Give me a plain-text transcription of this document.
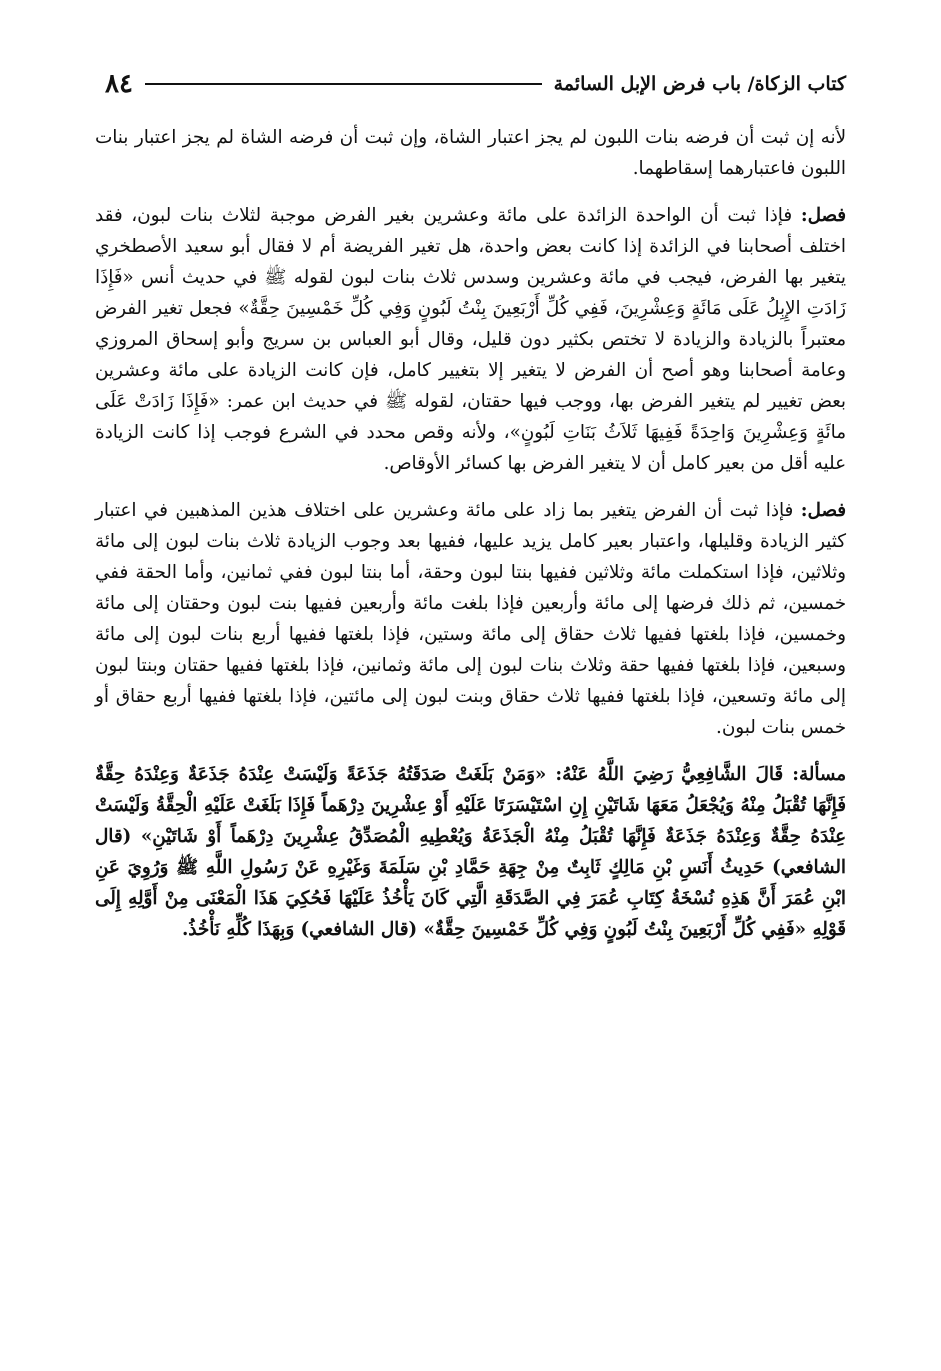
كتاب الزكاة/ باب فرض الإبل السائمة
٨٤

لأنه إن ثبت أن فرضه بنات اللبون لم يجز اعتبار الشاة، وإن ثبت أن فرضه الشاة لم يجز اعتبار بنات اللبون فاعتبارهما إسقاطهما.

فصل: فإذا ثبت أن الواحدة الزائدة على مائة وعشرين بغير الفرض موجبة لثلاث بنات لبون، فقد اختلف أصحابنا في الزائدة إذا كانت بعض واحدة، هل تغير الفريضة أم لا فقال أبو سعيد الأصطخري يتغير بها الفرض، فيجب في مائة وعشرين وسدس ثلاث بنات لبون لقوله ﷺ في حديث أنس «فَإِذَا زَادَتِ الإِبِلُ عَلَى مَائَةٍ وَعِشْرِينَ، فَفِي كُلِّ أَرْبَعِينَ بِنْتُ لَبُونٍ وَفِي كُلِّ خَمْسِينَ حِقَّةٌ» فجعل تغير الفرض معتبراً بالزيادة والزيادة لا تختص بكثير دون قليل، وقال أبو العباس بن سريج وأبو إسحاق المروزي وعامة أصحابنا وهو أصح أن الفرض لا يتغير إلا بتغيير كامل، فإن كانت الزيادة على مائة وعشرين بعض تغيير لم يتغير الفرض بها، ووجب فيها حقتان، لقوله ﷺ في حديث ابن عمر: «فَإِذَا زَادَتْ عَلَى مائَةٍ وَعِشْرِينَ وَاحِدَةً فَفِيهَا ثَلاَثُ بَنَاتِ لَبُونٍ»، ولأنه وقص محدد في الشرع فوجب إذا كانت الزيادة عليه أقل من بعير كامل أن لا يتغير الفرض بها كسائر الأوقاص.

فصل: فإذا ثبت أن الفرض يتغير بما زاد على مائة وعشرين على اختلاف هذين المذهبين في اعتبار كثير الزيادة وقليلها، واعتبار بعير كامل يزيد عليها، ففيها بعد وجوب الزيادة ثلاث بنات لبون إلى مائة وثلاثين، فإذا استكملت مائة وثلاثين ففيها بنتا لبون وحقة، أما بنتا لبون ففي ثمانين، وأما الحقة ففي خمسين، ثم ذلك فرضها إلى مائة وأربعين فإذا بلغت مائة وأربعين ففيها بنت لبون وحقتان إلى مائة وخمسين، فإذا بلغتها ففيها ثلاث حقاق إلى مائة وستين، فإذا بلغتها ففيها أربع بنات لبون إلى مائة وسبعين، فإذا بلغتها ففيها حقة وثلاث بنات لبون إلى مائة وثمانين، فإذا بلغتها ففيها حقتان وبنتا لبون إلى مائة وتسعين، فإذا بلغتها ففيها ثلاث حقاق وبنت لبون إلى مائتين، فإذا بلغتها ففيها أربع حقاق أو خمس بنات لبون.

مسألة: قَالَ الشَّافِعِيُّ رَضِيَ اللَّهُ عَنْهُ: «وَمَنْ بَلَغَتْ صَدَقَتُهُ جَذَعَةً وَلَيْسَتْ عِنْدَهُ جَذَعَةٌ وَعِنْدَهُ حِقَّةٌ فَإِنَّهَا تُقْبَلُ مِنْهُ وَيُجْعَلُ مَعَهَا شَاتَيْنِ إِنِ اسْتَيْسَرَتَا عَلَيْهِ أَوْ عِشْرِينَ دِرْهَماً فَإِذَا بَلَغَتْ عَلَيْهِ الْحِقَّةُ وَلَيْسَتْ عِنْدَهُ حِقَّةٌ وَعِنْدَهُ جَذَعَةٌ فَإِنَّهَا تُقْبَلُ مِنْهُ الْجَذَعَةُ وَيُعْطِيهِ الْمُصَدِّقُ عِشْرِينَ دِرْهَماً أَوْ شَاتَيْنِ» (قال الشافعي) حَدِيثُ أَنَسِ بْنِ مَالِكٍ ثَابِتٌ مِنْ جِهَةِ حَمَّادِ بْنِ سَلَمَةَ وَغَيْرِهِ عَنْ رَسُولِ اللَّهِ ﷺ وَرُوِيَ عَنِ ابْنِ عُمَرَ أَنَّ هَذِهِ نُسْخَةُ كِتَابِ عُمَرَ فِي الصَّدَقَةِ الَّتِي كَانَ يَأْخُذُ عَلَيْهَا فَحُكِيَ هَذَا الْمَعْنَى مِنْ أَوَّلِهِ إِلَى قَوْلِهِ «فَفِي كُلِّ أَرْبَعِينَ بِنْتُ لَبُونٍ وَفِي كُلِّ خَمْسِينَ حِقَّةٌ» (قال الشافعي) وَبِهَذَا كُلِّهِ نَأْخُذُ.
